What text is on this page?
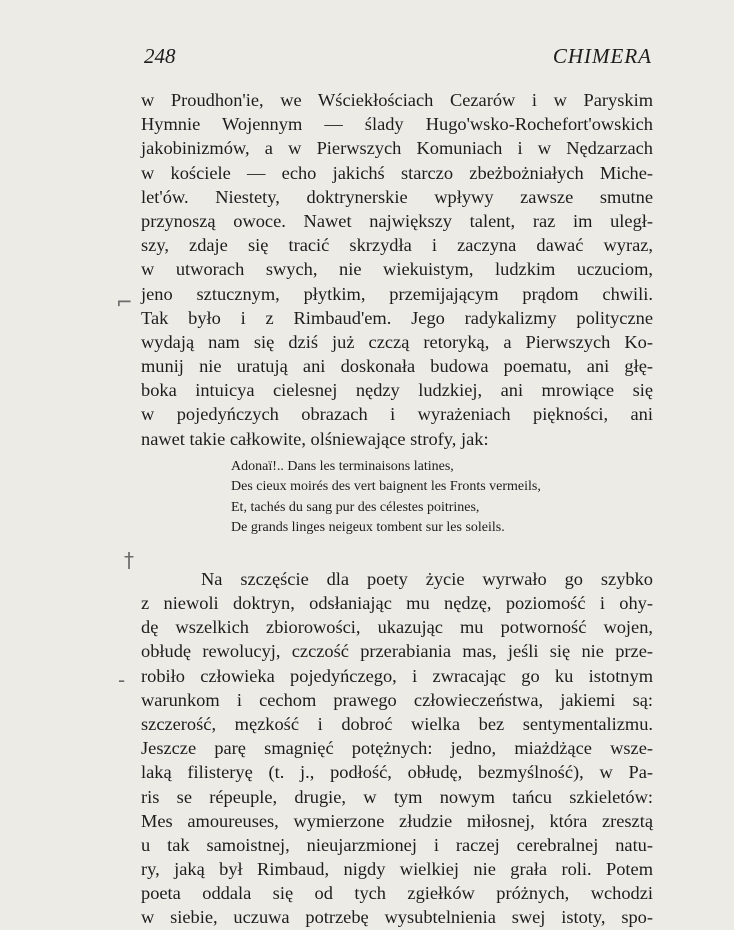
248	CHIMERA
⌐
†
-
w Proudhon'ie, we Wściekłościach Cezarów i w Paryskim
Hymnie Wojennym — ślady Hugo'wsko-Rochefort'owskich
jakobinizmów, a w Pierwszych Komuniach i w Nędzarzach
w kościele — echo jakichś starczo zbeżbożniałych Miche-
let'ów. Niestety, doktrynerskie wpływy zawsze smutne
przynoszą owoce. Nawet największy talent, raz im uległ-
szy, zdaje się tracić skrzydła i zaczyna dawać wyraz,
w utworach swych, nie wiekuistym, ludzkim uczuciom,
jeno sztucznym, płytkim, przemijającym prądom chwili.
Tak było i z Rimbaud'em. Jego radykalizmy polityczne
wydają nam się dziś już czczą retoryką, a Pierwszych Ko-
munij nie uratują ani doskonała budowa poematu, ani głę-
boka intuicya cielesnej nędzy ludzkiej, ani mrowiące się
w pojedyńczych obrazach i wyrażeniach piękności, ani
nawet takie całkowite, olśniewające strofy, jak:
Adonaï!.. Dans les terminaisons latines,
Des cieux moirés des vert baignent les Fronts vermeils,
Et, tachés du sang pur des célestes poitrines,
De grands linges neigeux tombent sur les soleils.
Na szczęście dla poety życie wyrwało go szybko
z niewoli doktryn, odsłaniając mu nędzę, poziomość i ohy-
dę wszelkich zbiorowości, ukazując mu potworność wojen,
obłudę rewolucyj, czczość przerabiania mas, jeśli się nie prze-
robiło człowieka pojedyńczego, i zwracając go ku istotnym
warunkom i cechom prawego człowieczeństwa, jakiemi są:
szczerość, męzkość i dobroć wielka bez sentymentalizmu.
Jeszcze parę smagnięć potężnych: jedno, miażdżące wsze-
laką filisteryę (t. j., podłość, obłudę, bezmyślność), w Pa-
ris se répeuple, drugie, w tym nowym tańcu szkieletów:
Mes amoureuses, wymierzone złudzie miłosnej, która zresztą
u tak samoistnej, nieujarzmionej i raczej cerebralnej natu-
ry, jaką był Rimbaud, nigdy wielkiej nie grała roli. Potem
poeta oddala się od tych zgiełków próżnych, wchodzi
w siebie, uczuwa potrzebę wysubtelnienia swej istoty, spo-
